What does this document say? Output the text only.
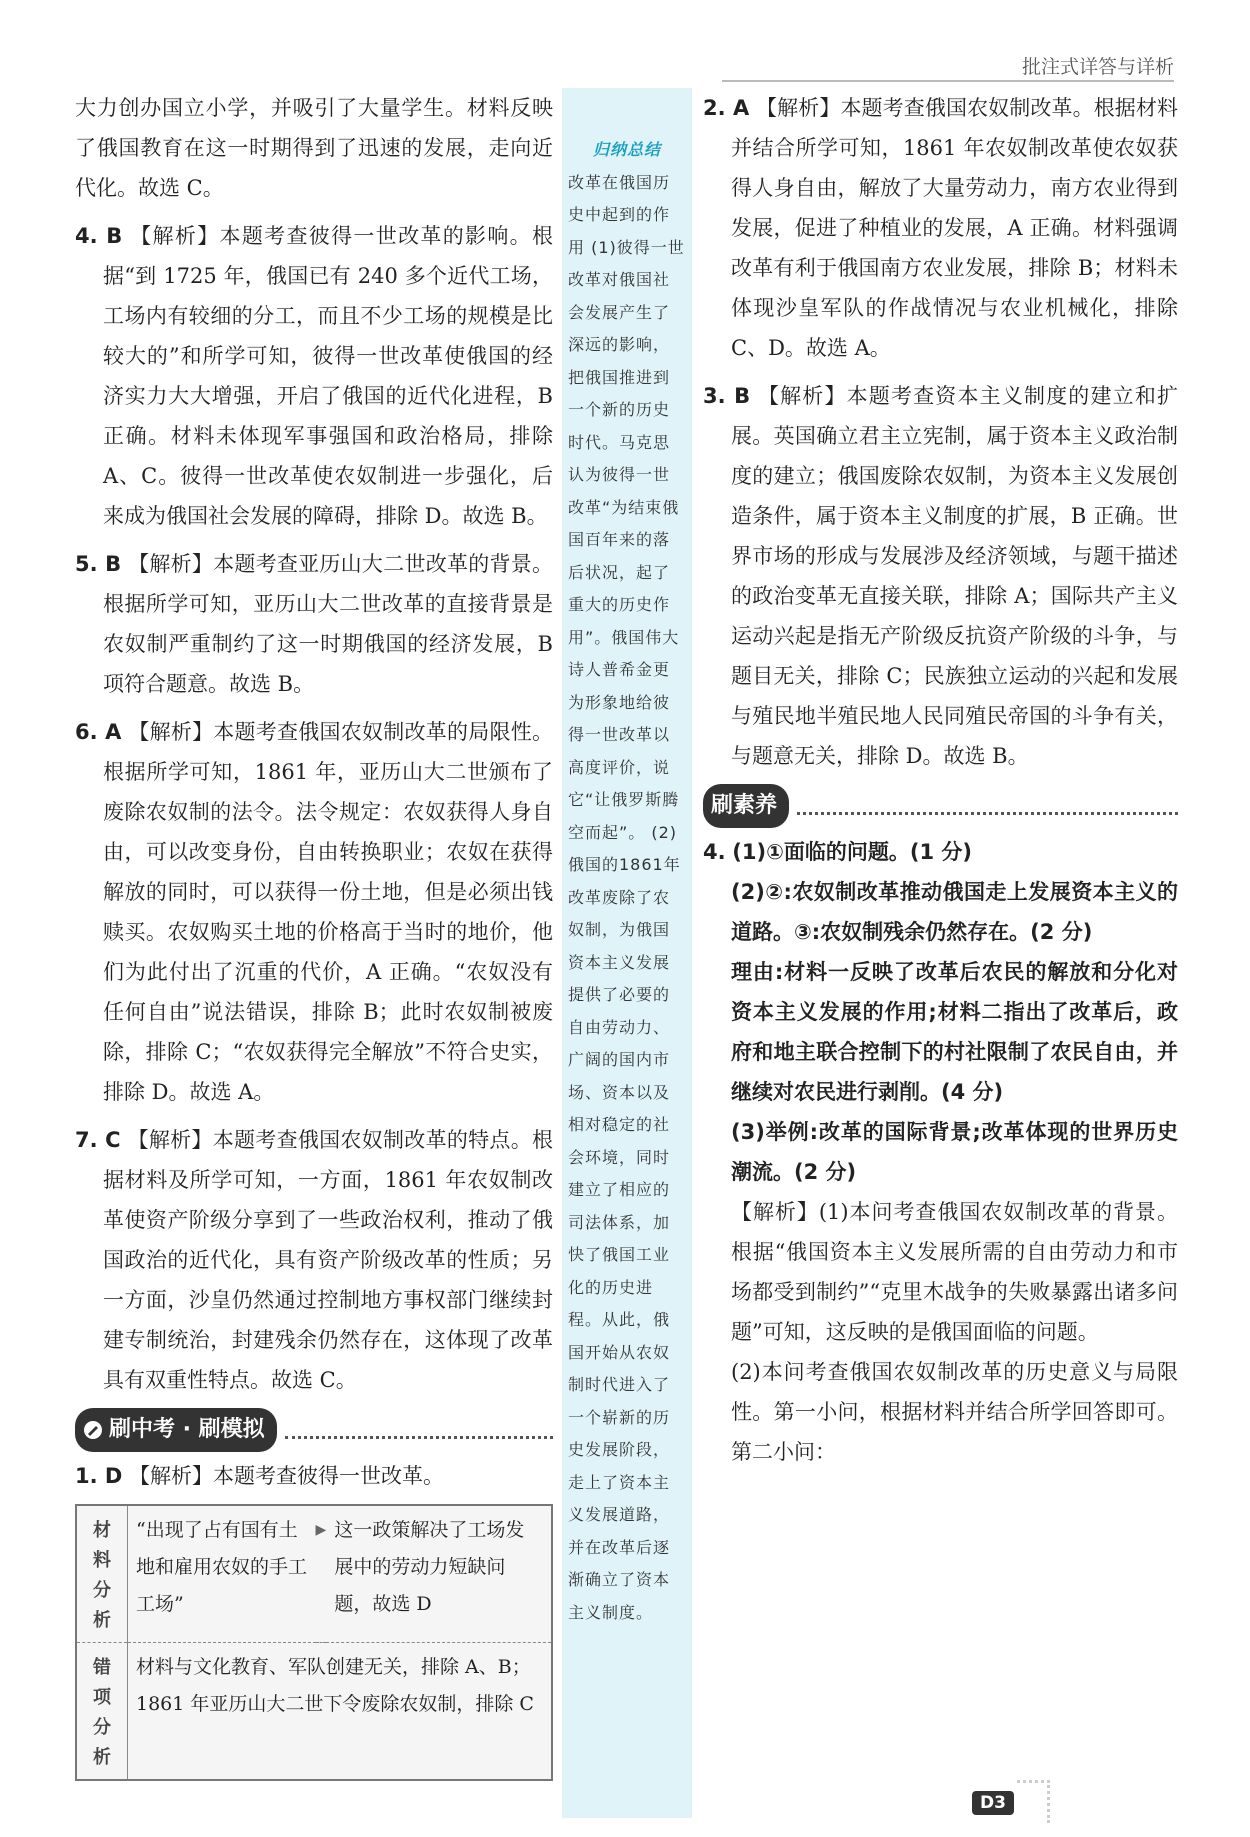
批注式详答与详析

大力创办国立小学，并吸引了大量学生。材料反映了俄国教育在这一时期得到了迅速的发展，走向近代化。故选 C。

4. B 【解析】本题考查彼得一世改革的影响。根据“到 1725 年，俄国已有 240 多个近代工场，工场内有较细的分工，而且不少工场的规模是比较大的”和所学可知，彼得一世改革使俄国的经济实力大大增强，开启了俄国的近代化进程，B 正确。材料未体现军事强国和政治格局，排除 A、C。彼得一世改革使农奴制进一步强化，后来成为俄国社会发展的障碍，排除 D。故选 B。

5. B 【解析】本题考查亚历山大二世改革的背景。根据所学可知，亚历山大二世改革的直接背景是农奴制严重制约了这一时期俄国的经济发展，B 项符合题意。故选 B。

6. A 【解析】本题考查俄国农奴制改革的局限性。根据所学可知，1861 年，亚历山大二世颁布了废除农奴制的法令。法令规定：农奴获得人身自由，可以改变身份，自由转换职业；农奴在获得解放的同时，可以获得一份土地，但是必须出钱赎买。农奴购买土地的价格高于当时的地价，他们为此付出了沉重的代价，A 正确。“农奴没有任何自由”说法错误，排除 B；此时农奴制被废除，排除 C；“农奴获得完全解放”不符合史实，排除 D。故选 A。

7. C 【解析】本题考查俄国农奴制改革的特点。根据材料及所学可知，一方面，1861 年农奴制改革使资产阶级分享到了一些政治权利，推动了俄国政治的近代化，具有资产阶级改革的性质；另一方面，沙皇仍然通过控制地方事权部门继续封建专制统治，封建残余仍然存在，这体现了改革具有双重性特点。故选 C。

刷中考 · 刷模拟

1. D 【解析】本题考查彼得一世改革。

材料分析	“出现了占有国有土地和雇用农奴的手工工场”	▶	这一政策解决了工场发展中的劳动力短缺问题，故选 D
错项分析	材料与文化教育、军队创建无关，排除 A、B；1861 年亚历山大二世下令废除农奴制，排除 C		
归纳总结
改革在俄国历史中起到的作用 (1)彼得一世改革对俄国社会发展产生了深远的影响，把俄国推进到一个新的历史时代。马克思认为彼得一世改革“为结束俄国百年来的落后状况，起了重大的历史作用”。俄国伟大诗人普希金更为形象地给彼得一世改革以高度评价，说它“让俄罗斯腾空而起”。 (2)俄国的1861年改革废除了农奴制，为俄国资本主义发展提供了必要的自由劳动力、广阔的国内市场、资本以及相对稳定的社会环境，同时建立了相应的司法体系，加快了俄国工业化的历史进程。从此，俄国开始从农奴制时代进入了一个崭新的历史发展阶段，走上了资本主义发展道路，并在改革后逐渐确立了资本主义制度。

2. A 【解析】本题考查俄国农奴制改革。根据材料并结合所学可知，1861 年农奴制改革使农奴获得人身自由，解放了大量劳动力，南方农业得到发展，促进了种植业的发展，A 正确。材料强调改革有利于俄国南方农业发展，排除 B；材料未体现沙皇军队的作战情况与农业机械化，排除 C、D。故选 A。

3. B 【解析】本题考查资本主义制度的建立和扩展。英国确立君主立宪制，属于资本主义政治制度的建立；俄国废除农奴制，为资本主义发展创造条件，属于资本主义制度的扩展，B 正确。世界市场的形成与发展涉及经济领域，与题干描述的政治变革无直接关联，排除 A；国际共产主义运动兴起是指无产阶级反抗资产阶级的斗争，与题目无关，排除 C；民族独立运动的兴起和发展与殖民地半殖民地人民同殖民帝国的斗争有关，与题意无关，排除 D。故选 B。

刷素养
4. (1)①面临的问题。(1 分)
(2)②:农奴制改革推动俄国走上发展资本主义的道路。③:农奴制残余仍然存在。(2 分)
理由:材料一反映了改革后农民的解放和分化对资本主义发展的作用;材料二指出了改革后，政府和地主联合控制下的村社限制了农民自由，并继续对农民进行剥削。(4 分)
(3)举例:改革的国际背景;改革体现的世界历史潮流。(2 分)
【解析】(1)本问考查俄国农奴制改革的背景。根据“俄国资本主义发展所需的自由劳动力和市场都受到制约”“克里木战争的失败暴露出诸多问题”可知，这反映的是俄国面临的问题。
(2)本问考查俄国农奴制改革的历史意义与局限性。第一小问，根据材料并结合所学回答即可。第二小问：
D3
